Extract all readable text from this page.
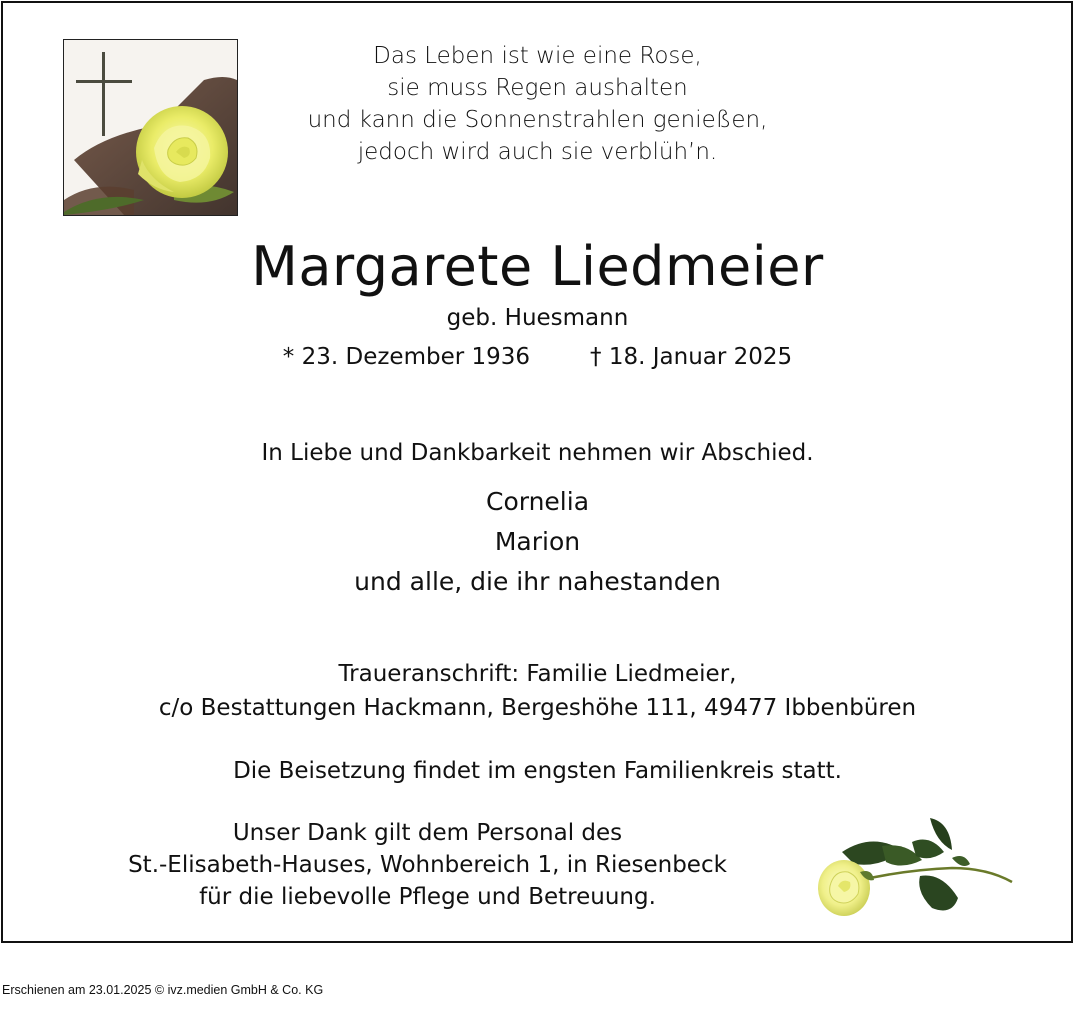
Das Leben ist wie eine Rose,
sie muss Regen aushalten
und kann die Sonnenstrahlen genießen,
jedoch wird auch sie verblüh’n.
Margarete Liedmeier
geb. Huesmann
* 23. Dezember 1936	† 18. Januar 2025
In Liebe und Dankbarkeit nehmen wir Abschied.
Cornelia
Marion
und alle, die ihr nahestanden
Traueranschrift: Familie Liedmeier,
c/o Bestattungen Hackmann, Bergeshöhe 111, 49477 Ibbenbüren
Die Beisetzung findet im engsten Familienkreis statt.
Unser Dank gilt dem Personal des
St.-Elisabeth-Hauses, Wohnbereich 1, in Riesenbeck
für die liebevolle Pflege und Betreuung.
Erschienen am 23.01.2025 © ivz.medien GmbH & Co. KG
